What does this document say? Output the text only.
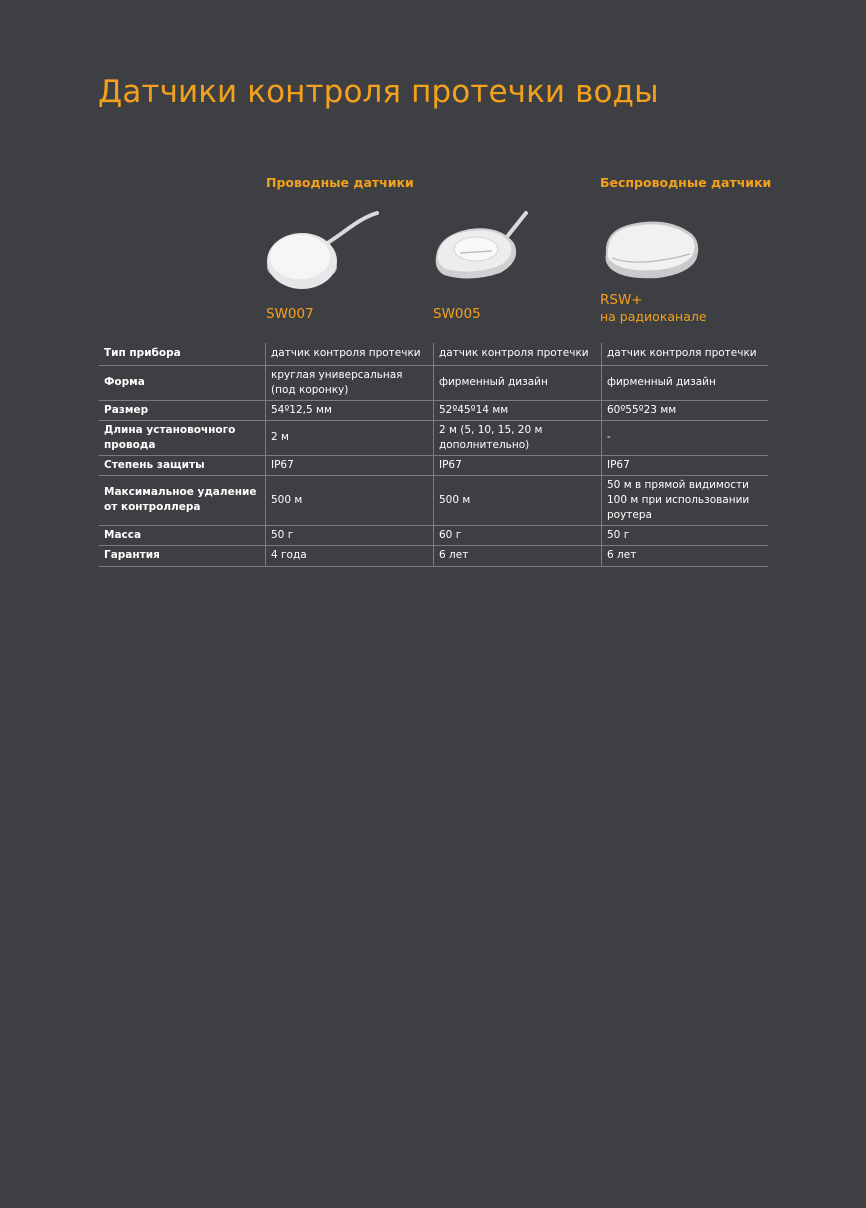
Датчики контроля протечки воды
Проводные датчики	Беспроводные датчики
SW007	SW005
RSW+
на радиоканале
Тип прибора	датчик контроля протечки	датчик контроля протечки	датчик контроля протечки
Форма	круглая универсальная (под коронку)	фирменный дизайн	фирменный дизайн
Размер	54º12,5 мм	52º45º14 мм	60º55º23 мм
Длина установочного провода	2 м	2 м (5, 10, 15, 20 м дополнительно)	-
Степень защиты	IP67	IP67	IP67
Максимальное удаление от контроллера	500 м	500 м	50 м в прямой видимости 100 м при использовании роутера
Масса	50 г	60 г	50 г
Гарантия	4 года	6 лет	6 лет
